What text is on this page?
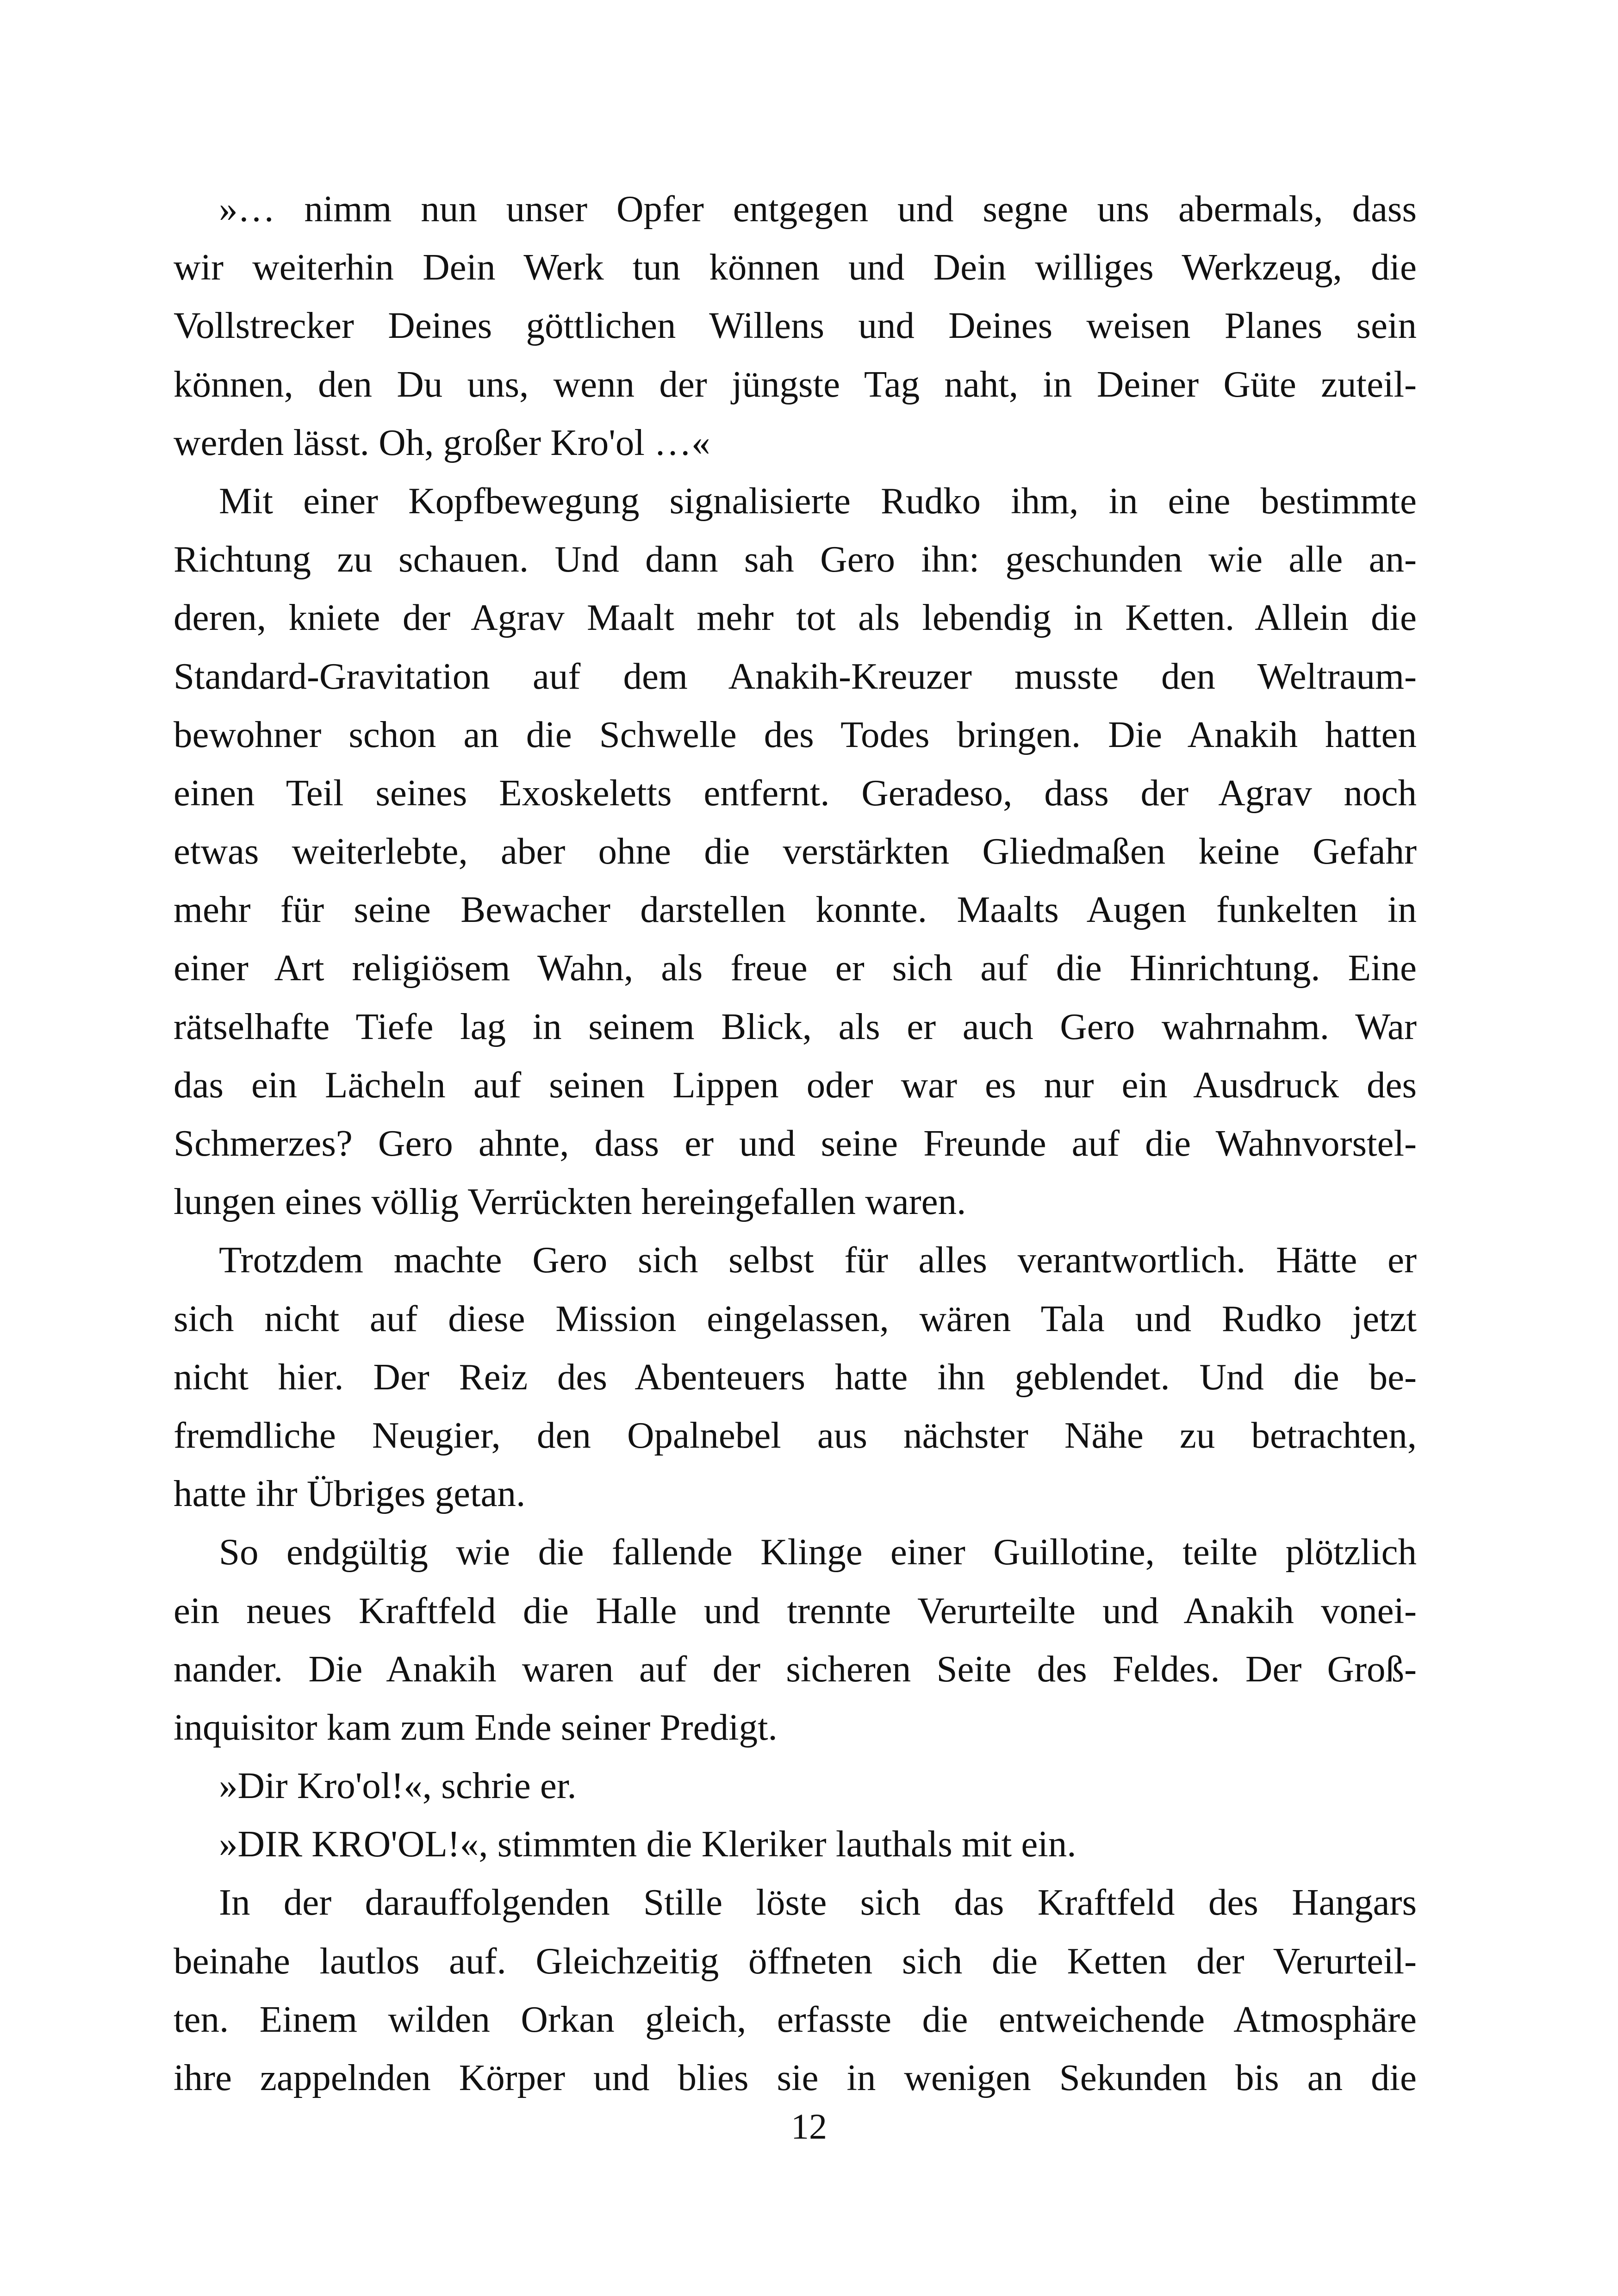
»… nimm nun unser Opfer entgegen und segne uns abermals, dass
wir weiterhin Dein Werk tun können und Dein williges Werkzeug, die
Vollstrecker Deines göttlichen Willens und Deines weisen Planes sein
können, den Du uns, wenn der jüngste Tag naht, in Deiner Güte zuteil-
werden lässt. Oh, großer Kro'ol …«
Mit einer Kopfbewegung signalisierte Rudko ihm, in eine bestimmte
Richtung zu schauen. Und dann sah Gero ihn: geschunden wie alle an-
deren, kniete der Agrav Maalt mehr tot als lebendig in Ketten. Allein die
Standard-Gravitation auf dem Anakih-Kreuzer musste den Weltraum-
bewohner schon an die Schwelle des Todes bringen. Die Anakih hatten
einen Teil seines Exoskeletts entfernt. Geradeso, dass der Agrav noch
etwas weiterlebte, aber ohne die verstärkten Gliedmaßen keine Gefahr
mehr für seine Bewacher darstellen konnte. Maalts Augen funkelten in
einer Art religiösem Wahn, als freue er sich auf die Hinrichtung. Eine
rätselhafte Tiefe lag in seinem Blick, als er auch Gero wahrnahm. War
das ein Lächeln auf seinen Lippen oder war es nur ein Ausdruck des
Schmerzes? Gero ahnte, dass er und seine Freunde auf die Wahnvorstel-
lungen eines völlig Verrückten hereingefallen waren.
Trotzdem machte Gero sich selbst für alles verantwortlich. Hätte er
sich nicht auf diese Mission eingelassen, wären Tala und Rudko jetzt
nicht hier. Der Reiz des Abenteuers hatte ihn geblendet. Und die be-
fremdliche Neugier, den Opalnebel aus nächster Nähe zu betrachten,
hatte ihr Übriges getan.
So endgültig wie die fallende Klinge einer Guillotine, teilte plötzlich
ein neues Kraftfeld die Halle und trennte Verurteilte und Anakih vonei-
nander. Die Anakih waren auf der sicheren Seite des Feldes. Der Groß-
inquisitor kam zum Ende seiner Predigt.
»Dir Kro'ol!«, schrie er.
»DIR KRO'OL!«, stimmten die Kleriker lauthals mit ein.
In der darauffolgenden Stille löste sich das Kraftfeld des Hangars
beinahe lautlos auf. Gleichzeitig öffneten sich die Ketten der Verurteil-
ten. Einem wilden Orkan gleich, erfasste die entweichende Atmosphäre
ihre zappelnden Körper und blies sie in wenigen Sekunden bis an die
12
